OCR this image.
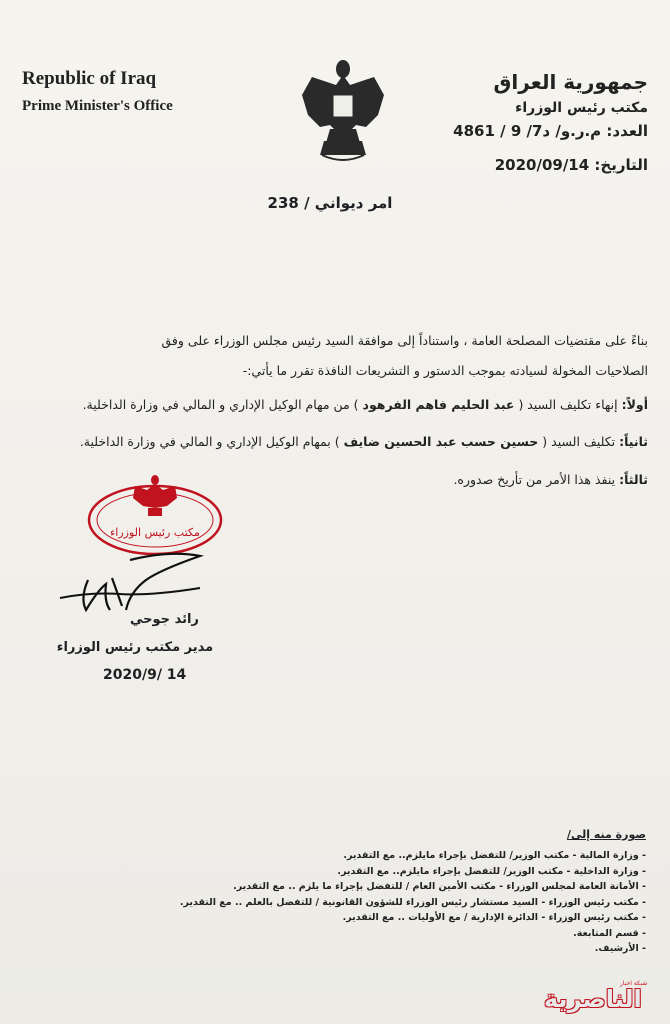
Republic of Iraq
Prime Minister's Office
جمهورية العراق
مكتب رئيس الوزراء
العدد: م.ر.و/ د7/ 9 / 4861
التاريخ: 2020/09/14
امر ديواني / 238
بناءً على مقتضيات المصلحة العامة ، واستناداً إلى موافقة السيد رئيس مجلس الوزراء على وفق
الصلاحيات المخولة لسيادته بموجب الدستور و التشريعات النافذة تقرر ما يأتي:-
أولاً: إنهاء تكليف السيد ( عبد الحليم فاهم الفرهود ) من مهام الوكيل الإداري و المالي في وزارة الداخلية.
ثانياً: تكليف السيد ( حسين حسب عبد الحسين ضايف ) بمهام الوكيل الإداري و المالي في وزارة الداخلية.
ثالثاً: ينفذ هذا الأمر من تأريخ صدوره.
مكتب رئيس الوزراء
رائد جوحي
مدير مكتب رئيس الوزراء
2020/9/ 14
صورة منه إلى/
- وزارة المالية - مكتب الوزير/ للتفضل بإجراء مايلزم.. مع التقدير.
- وزارة الداخلية - مكتب الوزير/ للتفضل بإجراء مايلزم.. مع التقدير.
- الأمانة العامة لمجلس الوزراء - مكتب الأمين العام / للتفضل بإجراء ما يلزم .. مع التقدير.
- مكتب رئيس الوزراء - السيد مستشار رئيس الوزراء للشؤون القانونية / للتفضل بالعلم .. مع التقدير.
- مكتب رئيس الوزراء - الدائرة الإدارية / مع الأوليات .. مع التقدير.
- قسم المتابعة.
- الأرشيف.
شبكة اخبار
الناصرية
